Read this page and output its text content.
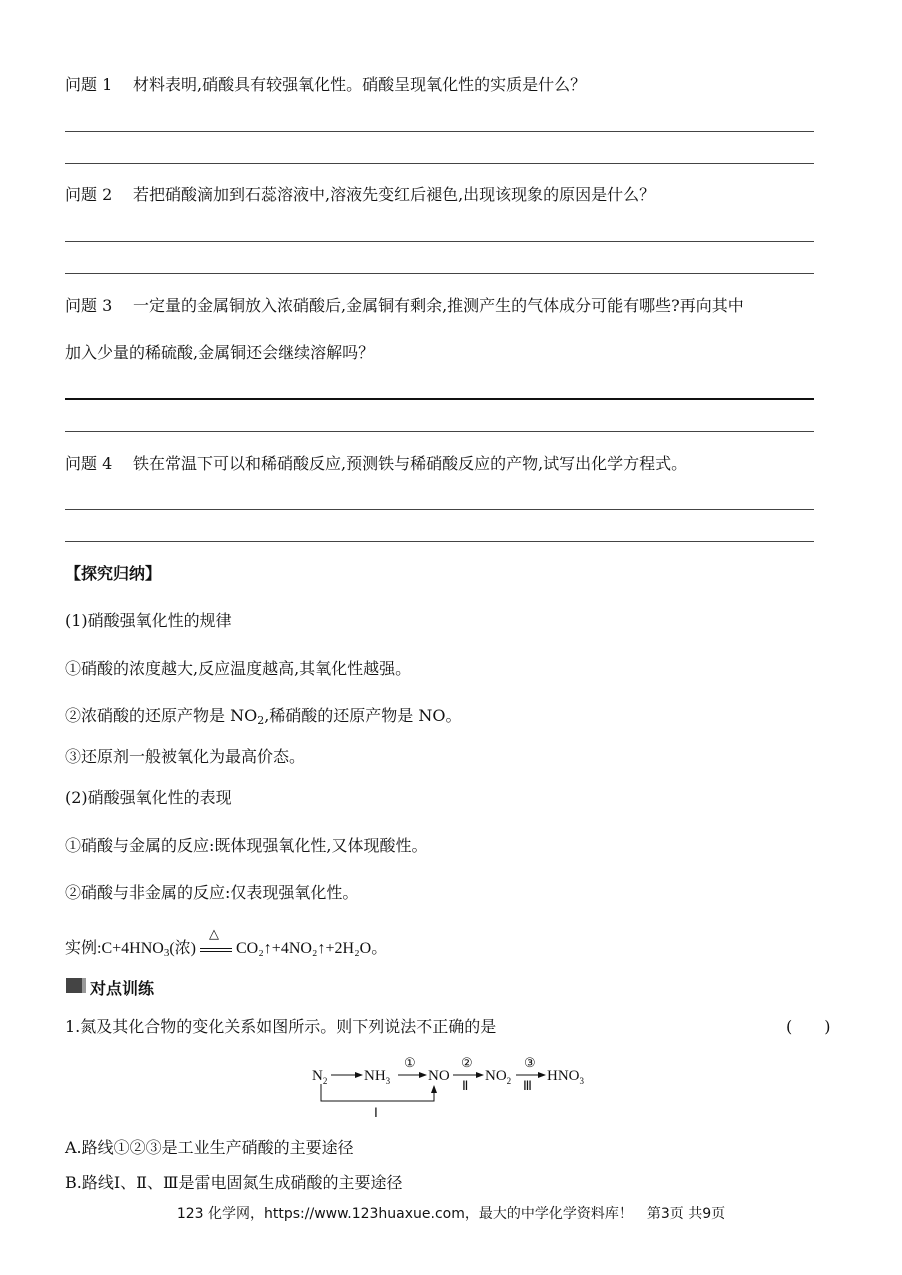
问题 1 材料表明,硝酸具有较强氧化性。硝酸呈现氧化性的实质是什么？
问题 2 若把硝酸滴加到石蕊溶液中,溶液先变红后褪色,出现该现象的原因是什么？
问题 3 一定量的金属铜放入浓硝酸后,金属铜有剩余,推测产生的气体成分可能有哪些?再向其中
加入少量的稀硫酸,金属铜还会继续溶解吗？
问题 4 铁在常温下可以和稀硝酸反应,预测铁与稀硝酸反应的产物,试写出化学方程式。
【探究归纳】
(1)硝酸强氧化性的规律
①硝酸的浓度越大,反应温度越高,其氧化性越强。
②浓硝酸的还原产物是 $NO_2$,稀硝酸的还原产物是 NO。
③还原剂一般被氧化为最高价态。
(2)硝酸强氧化性的表现
①硝酸与金属的反应:既体现强氧化性,又体现酸性。
②硝酸与非金属的反应:仅表现强氧化性。
实例$:C+4HNO_3$(浓)
△
CO₂↑+4NO₂↑+2H₂O。
对点训练
1.氮及其化合物的变化关系如图所示。则下列说法不正确的是	(　　)
$N_2$ $NH_3$
①
NO
②
Ⅱ
$NO_2$
③
Ⅲ
$HNO_3$
Ⅰ
A.路线①②③是工业生产硝酸的主要途径
B.路线Ⅰ、Ⅱ、Ⅲ是雷电固氮生成硝酸的主要途径
123 化学网，https://www.123huaxue.com，最大的中学化学资料库！　第3页 共9页
